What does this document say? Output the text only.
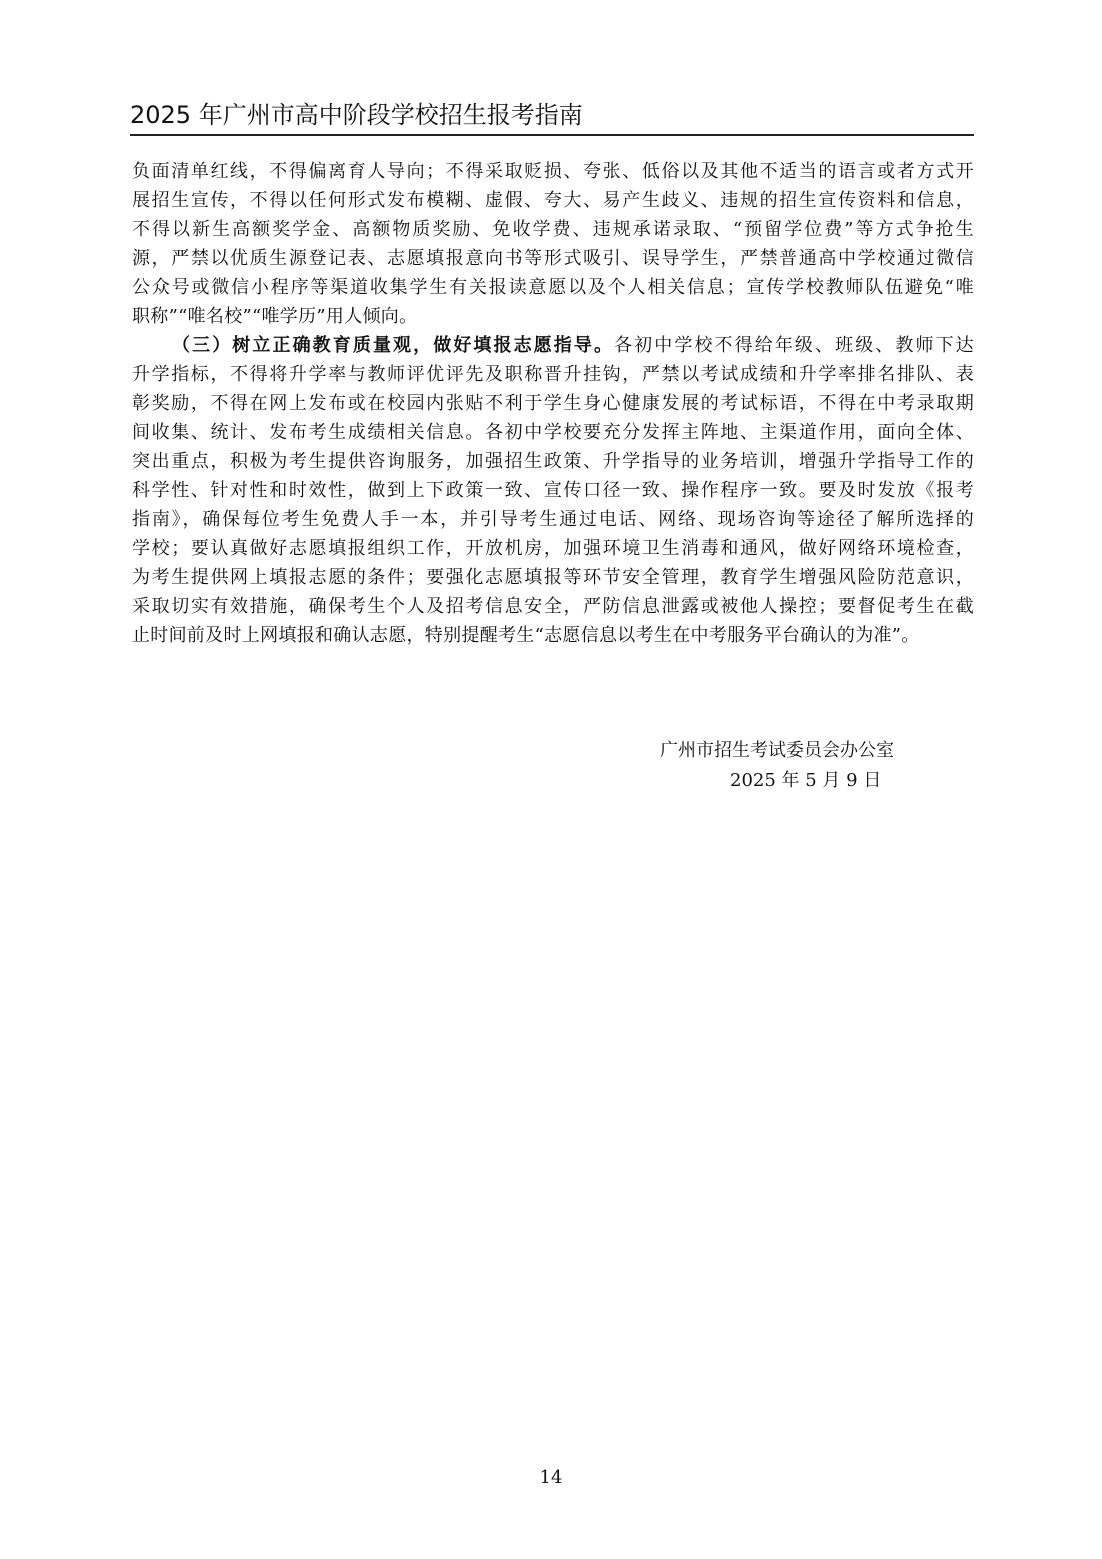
2025 年广州市高中阶段学校招生报考指南
负面清单红线，不得偏离育人导向；不得采取贬损、夸张、低俗以及其他不适当的语言或者方式开
展招生宣传，不得以任何形式发布模糊、虚假、夸大、易产生歧义、违规的招生宣传资料和信息，
不得以新生高额奖学金、高额物质奖励、免收学费、违规承诺录取、“预留学位费”等方式争抢生
源，严禁以优质生源登记表、志愿填报意向书等形式吸引、误导学生，严禁普通高中学校通过微信
公众号或微信小程序等渠道收集学生有关报读意愿以及个人相关信息；宣传学校教师队伍避免“唯
职称”“唯名校”“唯学历”用人倾向。
（三）树立正确教育质量观，做好填报志愿指导。各初中学校不得给年级、班级、教师下达
升学指标，不得将升学率与教师评优评先及职称晋升挂钩，严禁以考试成绩和升学率排名排队、表
彰奖励，不得在网上发布或在校园内张贴不利于学生身心健康发展的考试标语，不得在中考录取期
间收集、统计、发布考生成绩相关信息。各初中学校要充分发挥主阵地、主渠道作用，面向全体、
突出重点，积极为考生提供咨询服务，加强招生政策、升学指导的业务培训，增强升学指导工作的
科学性、针对性和时效性，做到上下政策一致、宣传口径一致、操作程序一致。要及时发放《报考
指南》，确保每位考生免费人手一本，并引导考生通过电话、网络、现场咨询等途径了解所选择的
学校；要认真做好志愿填报组织工作，开放机房，加强环境卫生消毒和通风，做好网络环境检查，
为考生提供网上填报志愿的条件；要强化志愿填报等环节安全管理，教育学生增强风险防范意识，
采取切实有效措施，确保考生个人及招考信息安全，严防信息泄露或被他人操控；要督促考生在截
止时间前及时上网填报和确认志愿，特别提醒考生“志愿信息以考生在中考服务平台确认的为准”。
广州市招生考试委员会办公室
2025 年 5 月 9 日
14
